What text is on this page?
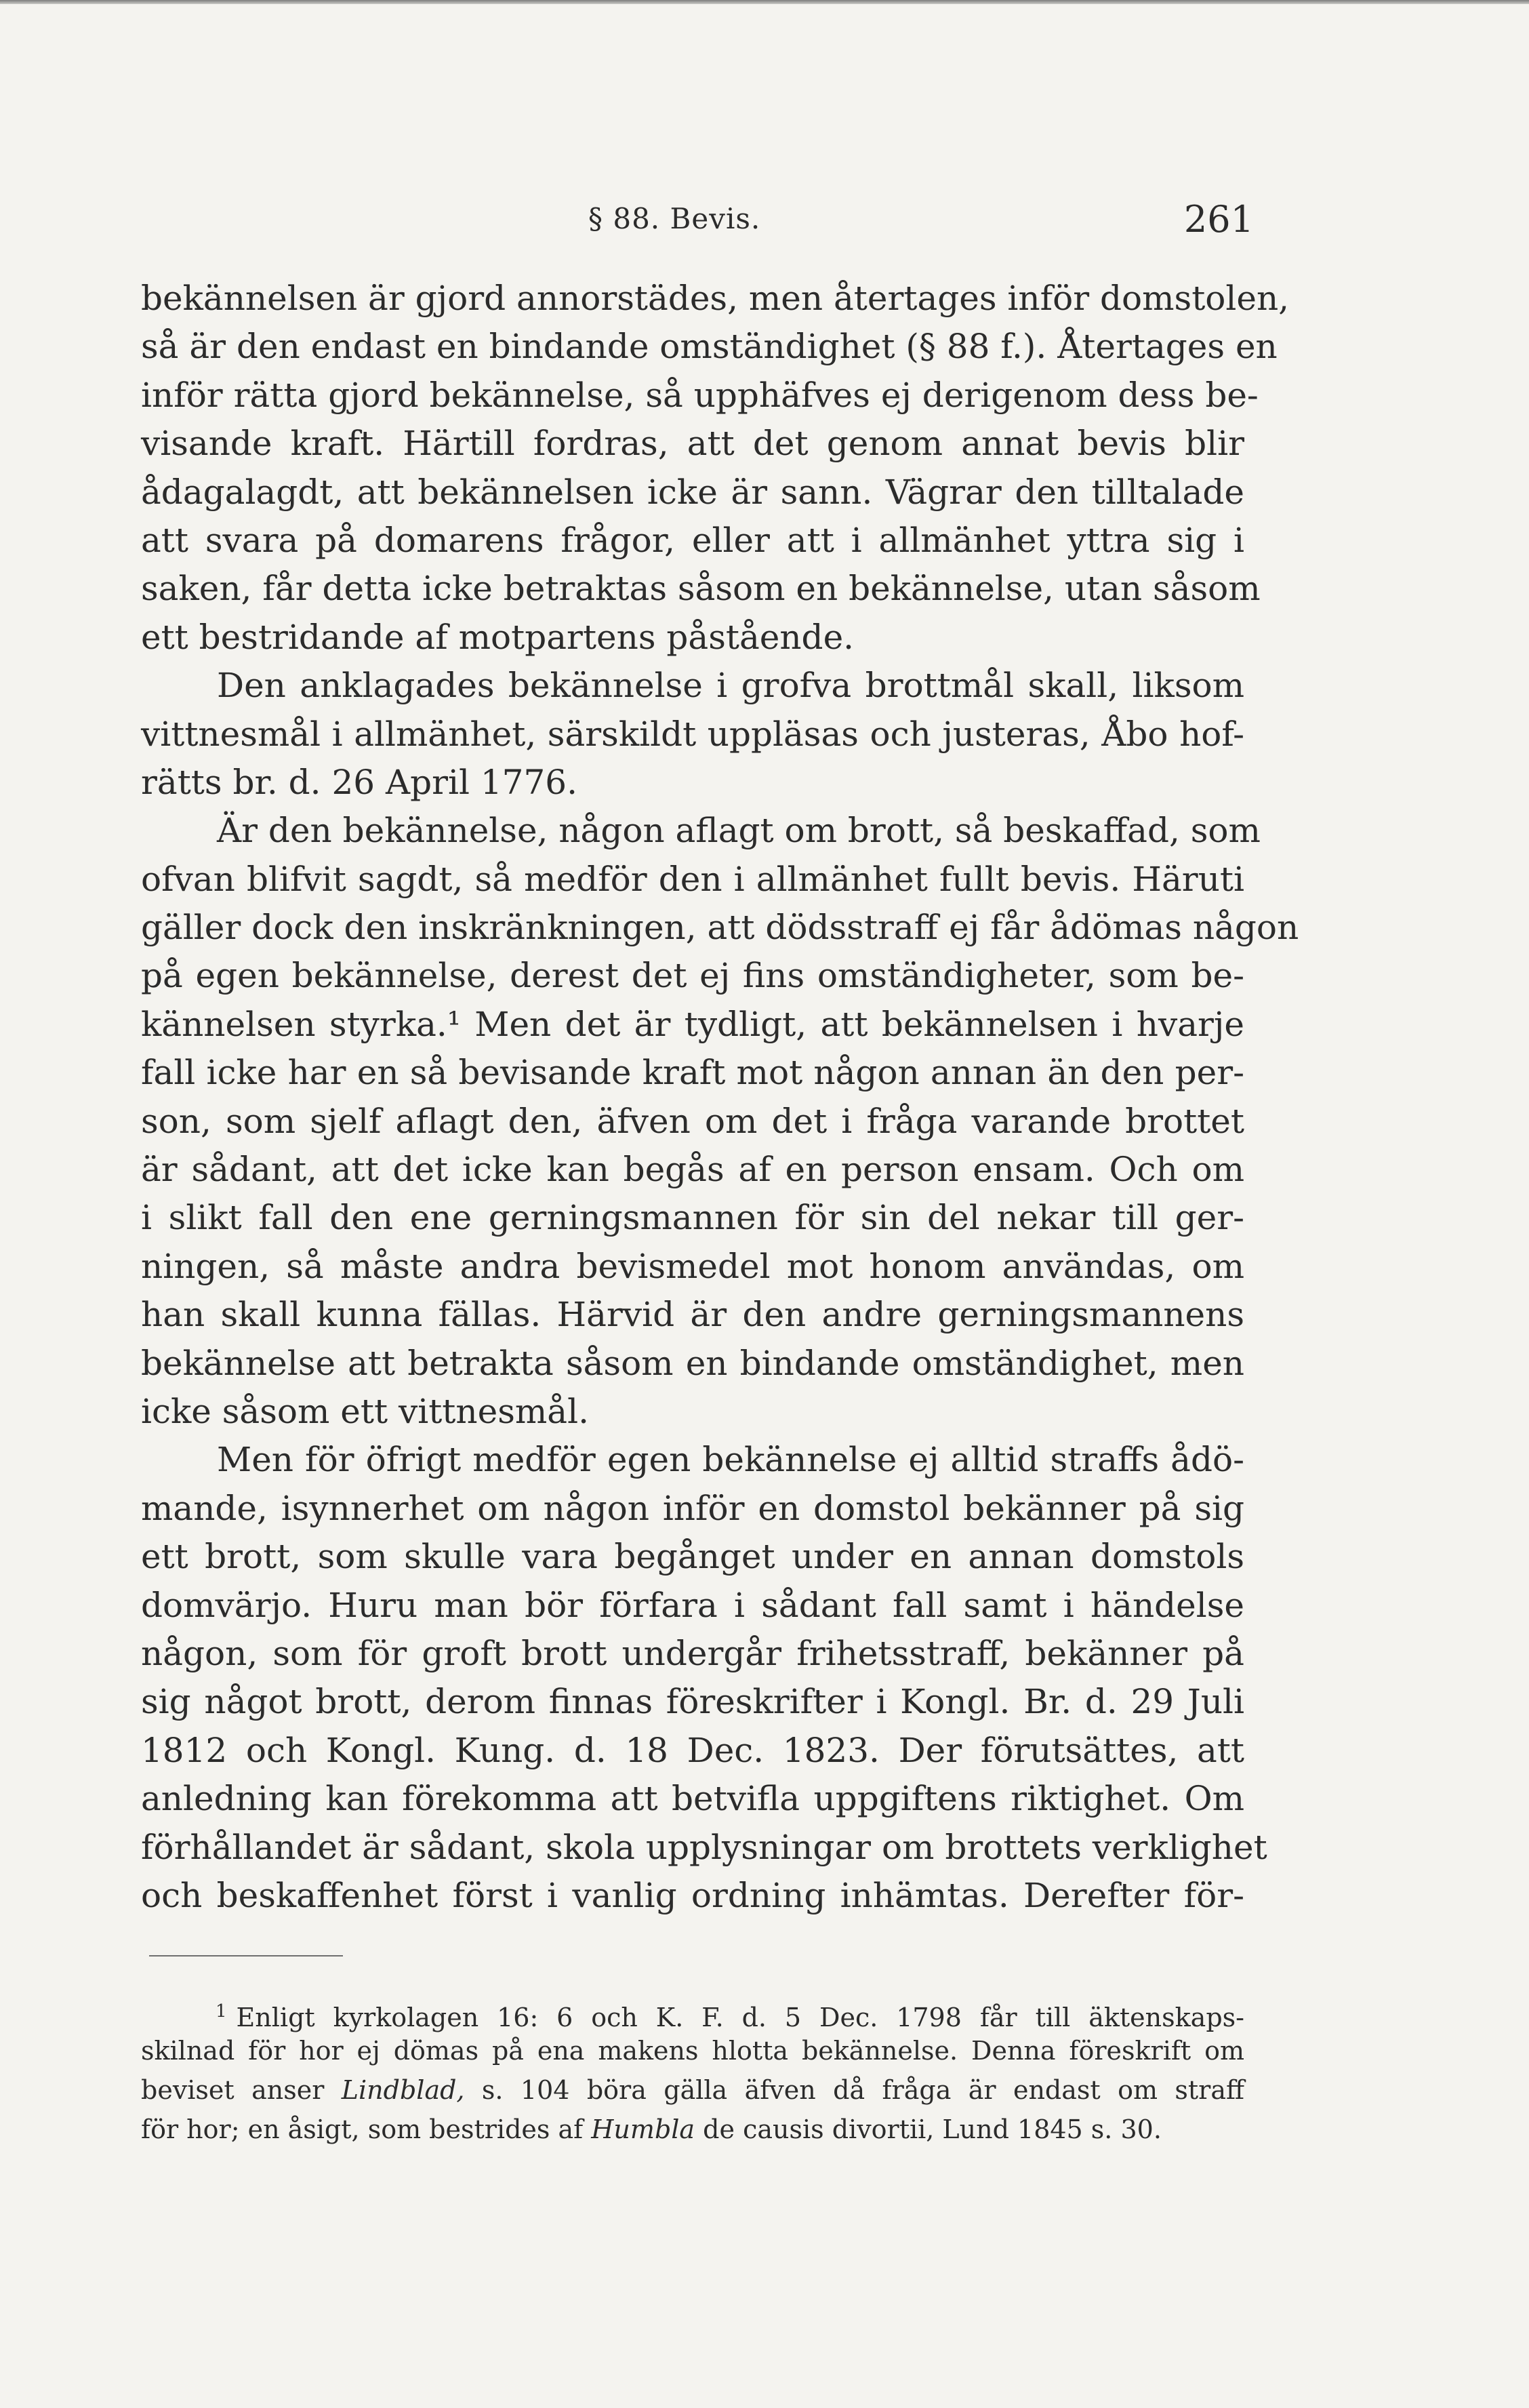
§ 88. Bevis.	261
bekännelsen är gjord annorstädes, men återtages inför domstolen,
så är den endast en bindande omständighet (§ 88 f.). Återtages en
inför rätta gjord bekännelse, så upphäfves ej derigenom dess be-
visande kraft. Härtill fordras, att det genom annat bevis blir
ådagalagdt, att bekännelsen icke är sann. Vägrar den tilltalade
att svara på domarens frågor, eller att i allmänhet yttra sig i
saken, får detta icke betraktas såsom en bekännelse, utan såsom
ett bestridande af motpartens påstående.
Den anklagades bekännelse i grofva brottmål skall, liksom
vittnesmål i allmänhet, särskildt uppläsas och justeras, Åbo hof-
rätts br. d. 26 April 1776.
Är den bekännelse, någon aflagt om brott, så beskaffad, som
ofvan blifvit sagdt, så medför den i allmänhet fullt bevis. Häruti
gäller dock den inskränkningen, att dödsstraff ej får ådömas någon
på egen bekännelse, derest det ej fins omständigheter, som be-
kännelsen styrka.¹ Men det är tydligt, att bekännelsen i hvarje
fall icke har en så bevisande kraft mot någon annan än den per-
son, som sjelf aflagt den, äfven om det i fråga varande brottet
är sådant, att det icke kan begås af en person ensam. Och om
i slikt fall den ene gerningsmannen för sin del nekar till ger-
ningen, så måste andra bevismedel mot honom användas, om
han skall kunna fällas. Härvid är den andre gerningsmannens
bekännelse att betrakta såsom en bindande omständighet, men
icke såsom ett vittnesmål.
Men för öfrigt medför egen bekännelse ej alltid straffs ådö-
mande, isynnerhet om någon inför en domstol bekänner på sig
ett brott, som skulle vara begånget under en annan domstols
domvärjo. Huru man bör förfara i sådant fall samt i händelse
någon, som för groft brott undergår frihetsstraff, bekänner på
sig något brott, derom finnas föreskrifter i Kongl. Br. d. 29 Juli
1812 och Kongl. Kung. d. 18 Dec. 1823. Der förutsättes, att
anledning kan förekomma att betvifla uppgiftens riktighet. Om
förhållandet är sådant, skola upplysningar om brottets verklighet
och beskaffenhet först i vanlig ordning inhämtas. Derefter för-
$^1$ Enligt kyrkolagen 16: 6 och K. F. d. 5 Dec. 1798 får till äktenskaps-
skilnad för hor ej dömas på ena makens hlotta bekännelse. Denna föreskrift om
beviset anser Lindblad, s. 104 böra gälla äfven då fråga är endast om straff
för hor; en åsigt, som bestrides af Humbla de causis divortii, Lund 1845 s. 30.
